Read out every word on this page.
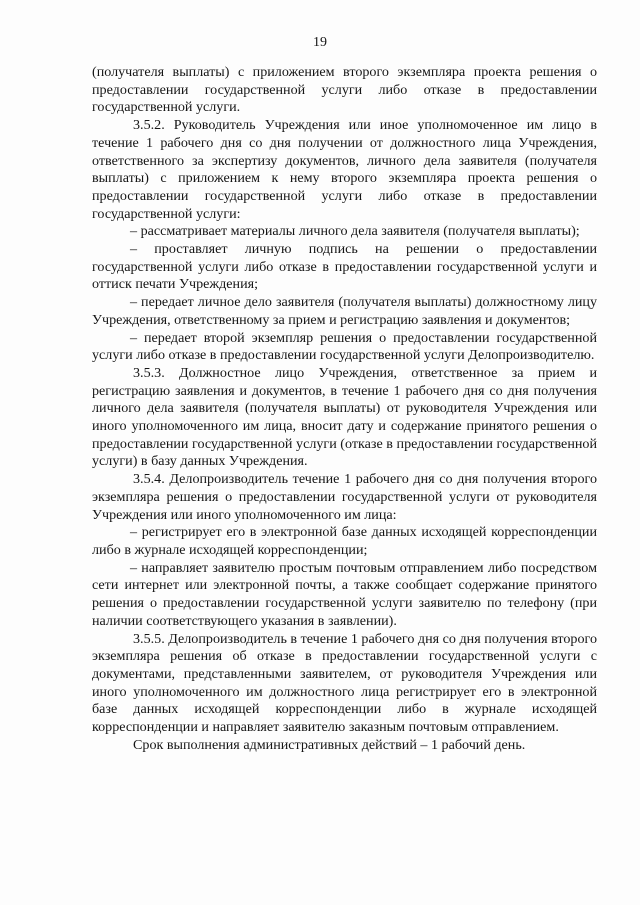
19

(получателя выплаты) с приложением второго экземпляра проекта решения о предоставлении государственной услуги либо отказе в предоставлении государственной услуги.

3.5.2. Руководитель Учреждения или иное уполномоченное им лицо в течение 1 рабочего дня со дня получении от должностного лица Учреждения, ответственного за экспертизу документов, личного дела заявителя (получателя выплаты) с приложением к нему второго экземпляра проекта решения о предоставлении государственной услуги либо отказе в предоставлении государственной услуги:

– рассматривает материалы личного дела заявителя (получателя выплаты);

– проставляет личную подпись на решении о предоставлении государственной услуги либо отказе в предоставлении государственной услуги и оттиск печати Учреждения;

– передает личное дело заявителя (получателя выплаты) должностному лицу Учреждения, ответственному за прием и регистрацию заявления и документов;

– передает второй экземпляр решения о предоставлении государственной услуги либо отказе в предоставлении государственной услуги Делопроизводителю.

3.5.3. Должностное лицо Учреждения, ответственное за прием и регистрацию заявления и документов, в течение 1 рабочего дня со дня получения личного дела заявителя (получателя выплаты) от руководителя Учреждения или иного уполномоченного им лица, вносит дату и содержание принятого решения о предоставлении государственной услуги (отказе в предоставлении государственной услуги) в базу данных Учреждения.

3.5.4. Делопроизводитель течение 1 рабочего дня со дня получения второго экземпляра решения о предоставлении государственной услуги от руководителя Учреждения или иного уполномоченного им лица:

– регистрирует его в электронной базе данных исходящей корреспонденции либо в журнале исходящей корреспонденции;

– направляет заявителю простым почтовым отправлением либо посредством сети интернет или электронной почты, а также сообщает содержание принятого решения о предоставлении государственной услуги заявителю по телефону (при наличии соответствующего указания в заявлении).

3.5.5. Делопроизводитель в течение 1 рабочего дня со дня получения второго экземпляра решения об отказе в предоставлении государственной услуги с документами, представленными заявителем, от руководителя Учреждения или иного уполномоченного им должностного лица регистрирует его в электронной базе данных исходящей корреспонденции либо в журнале исходящей корреспонденции и направляет заявителю заказным почтовым отправлением.

Срок выполнения административных действий – 1 рабочий день.
